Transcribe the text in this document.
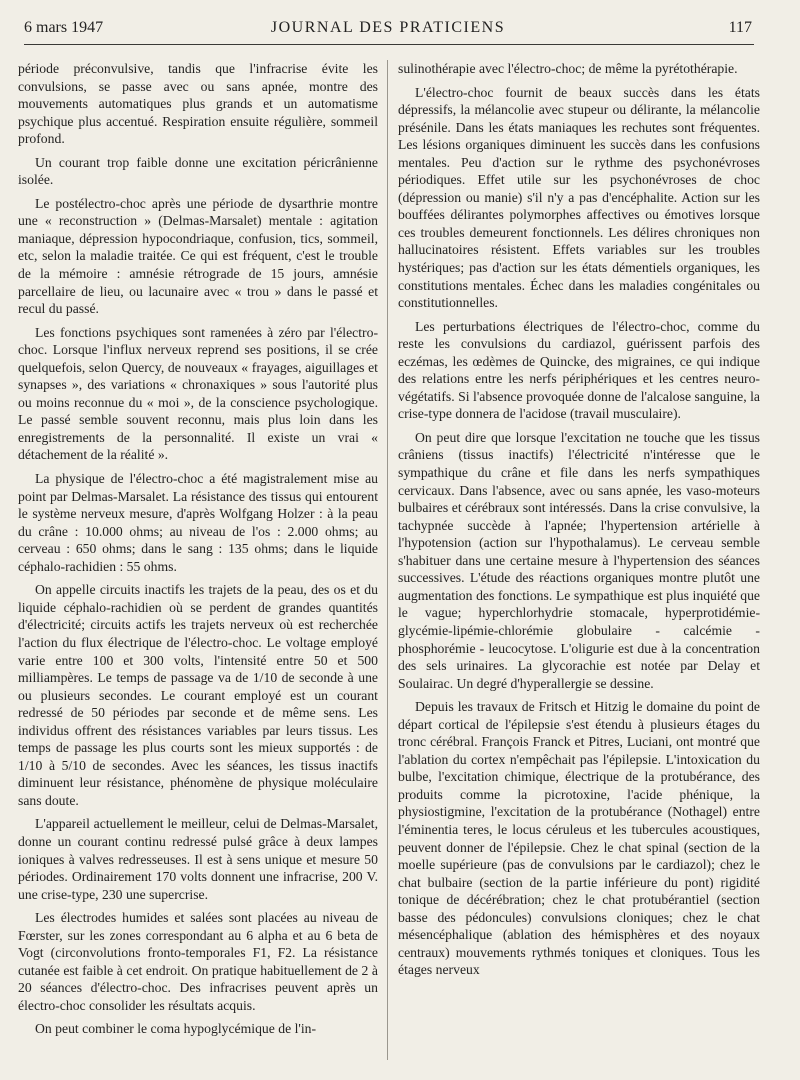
6 mars 1947	JOURNAL DES PRATICIENS	117

période préconvulsive, tandis que l'infracrise évite les convulsions, se passe avec ou sans apnée, montre des mouvements automatiques plus grands et un automatisme psychique plus accentué. Respiration ensuite régulière, sommeil profond.

Un courant trop faible donne une excitation péricrânienne isolée.

Le postélectro-choc après une période de dysarthrie montre une « reconstruction » (Delmas-Marsalet) mentale : agitation maniaque, dépression hypocondriaque, confusion, tics, sommeil, etc, selon la maladie traitée. Ce qui est fréquent, c'est le trouble de la mémoire : amnésie rétrograde de 15 jours, amnésie parcellaire de lieu, ou lacunaire avec « trou » dans le passé et recul du passé.

Les fonctions psychiques sont ramenées à zéro par l'électro-choc. Lorsque l'influx nerveux reprend ses positions, il se crée quelquefois, selon Quercy, de nouveaux « frayages, aiguillages et synapses », des variations « chronaxiques » sous l'autorité plus ou moins reconnue du « moi », de la conscience psychologique. Le passé semble souvent reconnu, mais plus loin dans les enregistrements de la personnalité. Il existe un vrai « détachement de la réalité ».

La physique de l'électro-choc a été magistralement mise au point par Delmas-Marsalet. La résistance des tissus qui entourent le système nerveux mesure, d'après Wolfgang Holzer : à la peau du crâne : 10.000 ohms; au niveau de l'os : 2.000 ohms; au cerveau : 650 ohms; dans le sang : 135 ohms; dans le liquide céphalo-rachidien : 55 ohms.

On appelle circuits inactifs les trajets de la peau, des os et du liquide céphalo-rachidien où se perdent de grandes quantités d'électricité; circuits actifs les trajets nerveux où est recherchée l'action du flux électrique de l'électro-choc. Le voltage employé varie entre 100 et 300 volts, l'intensité entre 50 et 500 milliampères. Le temps de passage va de 1/10 de seconde à une ou plusieurs secondes. Le courant employé est un courant redressé de 50 périodes par seconde et de même sens. Les individus offrent des résistances variables par leurs tissus. Les temps de passage les plus courts sont les mieux supportés : de 1/10 à 5/10 de secondes. Avec les séances, les tissus inactifs diminuent leur résistance, phénomène de physique moléculaire sans doute.

L'appareil actuellement le meilleur, celui de Delmas-Marsalet, donne un courant continu redressé pulsé grâce à deux lampes ioniques à valves redresseuses. Il est à sens unique et mesure 50 périodes. Ordinairement 170 volts donnent une infracrise, 200 V. une crise-type, 230 une supercrise.

Les électrodes humides et salées sont placées au niveau de Fœrster, sur les zones correspondant au 6 alpha et au 6 beta de Vogt (circonvolutions fronto-temporales F1, F2. La résistance cutanée est faible à cet endroit. On pratique habituellement de 2 à 20 séances d'électro-choc. Des infracrises peuvent après un électro-choc consolider les résultats acquis.

On peut combiner le coma hypoglycémique de l'in-

sulinothérapie avec l'électro-choc; de même la pyrétothérapie.

L'électro-choc fournit de beaux succès dans les états dépressifs, la mélancolie avec stupeur ou délirante, la mélancolie présénile. Dans les états maniaques les rechutes sont fréquentes. Les lésions organiques diminuent les succès dans les confusions mentales. Peu d'action sur le rythme des psychonévroses périodiques. Effet utile sur les psychonévroses de choc (dépression ou manie) s'il n'y a pas d'encéphalite. Action sur les bouffées délirantes polymorphes affectives ou émotives lorsque ces troubles demeurent fonctionnels. Les délires chroniques non hallucinatoires résistent. Effets variables sur les troubles hystériques; pas d'action sur les états démentiels organiques, les constitutions mentales. Échec dans les maladies congénitales ou constitutionnelles.

Les perturbations électriques de l'électro-choc, comme du reste les convulsions du cardiazol, guérissent parfois des eczémas, les œdèmes de Quincke, des migraines, ce qui indique des relations entre les nerfs périphériques et les centres neuro-végétatifs. Si l'absence provoquée donne de l'alcalose sanguine, la crise-type donnera de l'acidose (travail musculaire).

On peut dire que lorsque l'excitation ne touche que les tissus crâniens (tissus inactifs) l'électricité n'intéresse que le sympathique du crâne et file dans les nerfs sympathiques cervicaux. Dans l'absence, avec ou sans apnée, les vaso-moteurs bulbaires et cérébraux sont intéressés. Dans la crise convulsive, la tachypnée succède à l'apnée; l'hypertension artérielle à l'hypotension (action sur l'hypothalamus). Le cerveau semble s'habituer dans une certaine mesure à l'hypertension des séances successives. L'étude des réactions organiques montre plutôt une augmentation des fonctions. Le sympathique est plus inquiété que le vague; hyperchlorhydrie stomacale, hyperprotidémie-glycémie-lipémie-chlorémie globulaire - calcémie - phosphorémie - leucocytose. L'oligurie est due à la concentration des sels urinaires. La glycorachie est notée par Delay et Soulairac. Un degré d'hyperallergie se dessine.

Depuis les travaux de Fritsch et Hitzig le domaine du point de départ cortical de l'épilepsie s'est étendu à plusieurs étages du tronc cérébral. François Franck et Pitres, Luciani, ont montré que l'ablation du cortex n'empêchait pas l'épilepsie. L'intoxication du bulbe, l'excitation chimique, électrique de la protubérance, des produits comme la picrotoxine, l'acide phénique, la physiostigmine, l'excitation de la protubérance (Nothagel) entre l'éminentia teres, le locus céruleus et les tubercules acoustiques, peuvent donner de l'épilepsie. Chez le chat spinal (section de la moelle supérieure (pas de convulsions par le cardiazol); chez le chat bulbaire (section de la partie inférieure du pont) rigidité tonique de décérébration; chez le chat protubérantiel (section basse des pédoncules) convulsions cloniques; chez le chat mésencéphalique (ablation des hémisphères et des noyaux centraux) mouvements rythmés toniques et cloniques. Tous les étages nerveux
